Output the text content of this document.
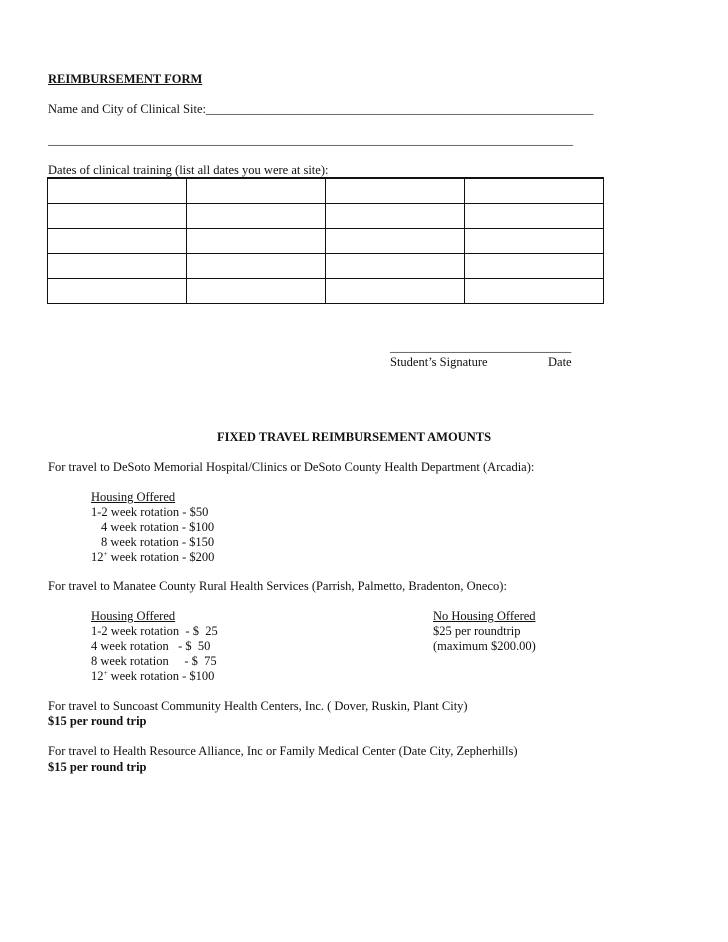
REIMBURSEMENT FORM
Name and City of Clinical Site:______________________________________________________________
____________________________________________________________________________________
Dates of clinical training (list all dates you were at site):

_____________________________
Student’s Signature	Date
FIXED TRAVEL REIMBURSEMENT AMOUNTS
For travel to DeSoto Memorial Hospital/Clinics or DeSoto County Health Department (Arcadia):
Housing Offered
1-2 week rotation - $50
4 week rotation - $100
8 week rotation - $150
12+ week rotation - $200
For travel to Manatee County Rural Health Services (Parrish, Palmetto, Bradenton, Oneco):
Housing Offered
1-2 week rotation  - $  25
4 week rotation   - $  50
8 week rotation     - $  75
12+ week rotation - $100
No Housing Offered
$25 per roundtrip
(maximum $200.00)
For travel to Suncoast Community Health Centers, Inc. ( Dover, Ruskin, Plant City)
$15 per round trip
For travel to Health Resource Alliance, Inc or Family Medical Center (Date City, Zepherhills)
$15 per round trip
